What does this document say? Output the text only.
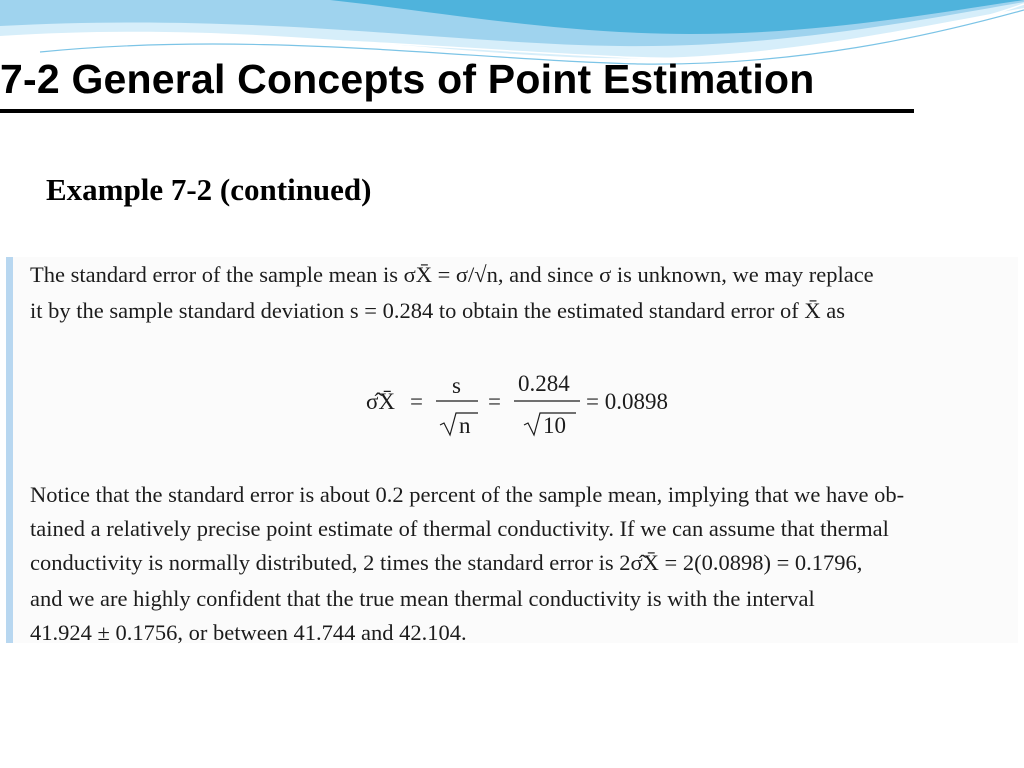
7-2 General Concepts of Point Estimation
Example 7-2 (continued)

The standard error of the sample mean is σX̄ = σ/√n, and since σ is unknown, we may replace

it by the sample standard deviation s = 0.284 to obtain the estimated standard error of X̄ as

σ̂X̄ =
s
n
=
0.284
10
= 0.0898

Notice that the standard error is about 0.2 percent of the sample mean, implying that we have ob-

tained a relatively precise point estimate of thermal conductivity. If we can assume that thermal

conductivity is normally distributed, 2 times the standard error is 2σ̂X̄ = 2(0.0898) = 0.1796,

and we are highly confident that the true mean thermal conductivity is with the interval

41.924 ± 0.1756, or between 41.744 and 42.104.
